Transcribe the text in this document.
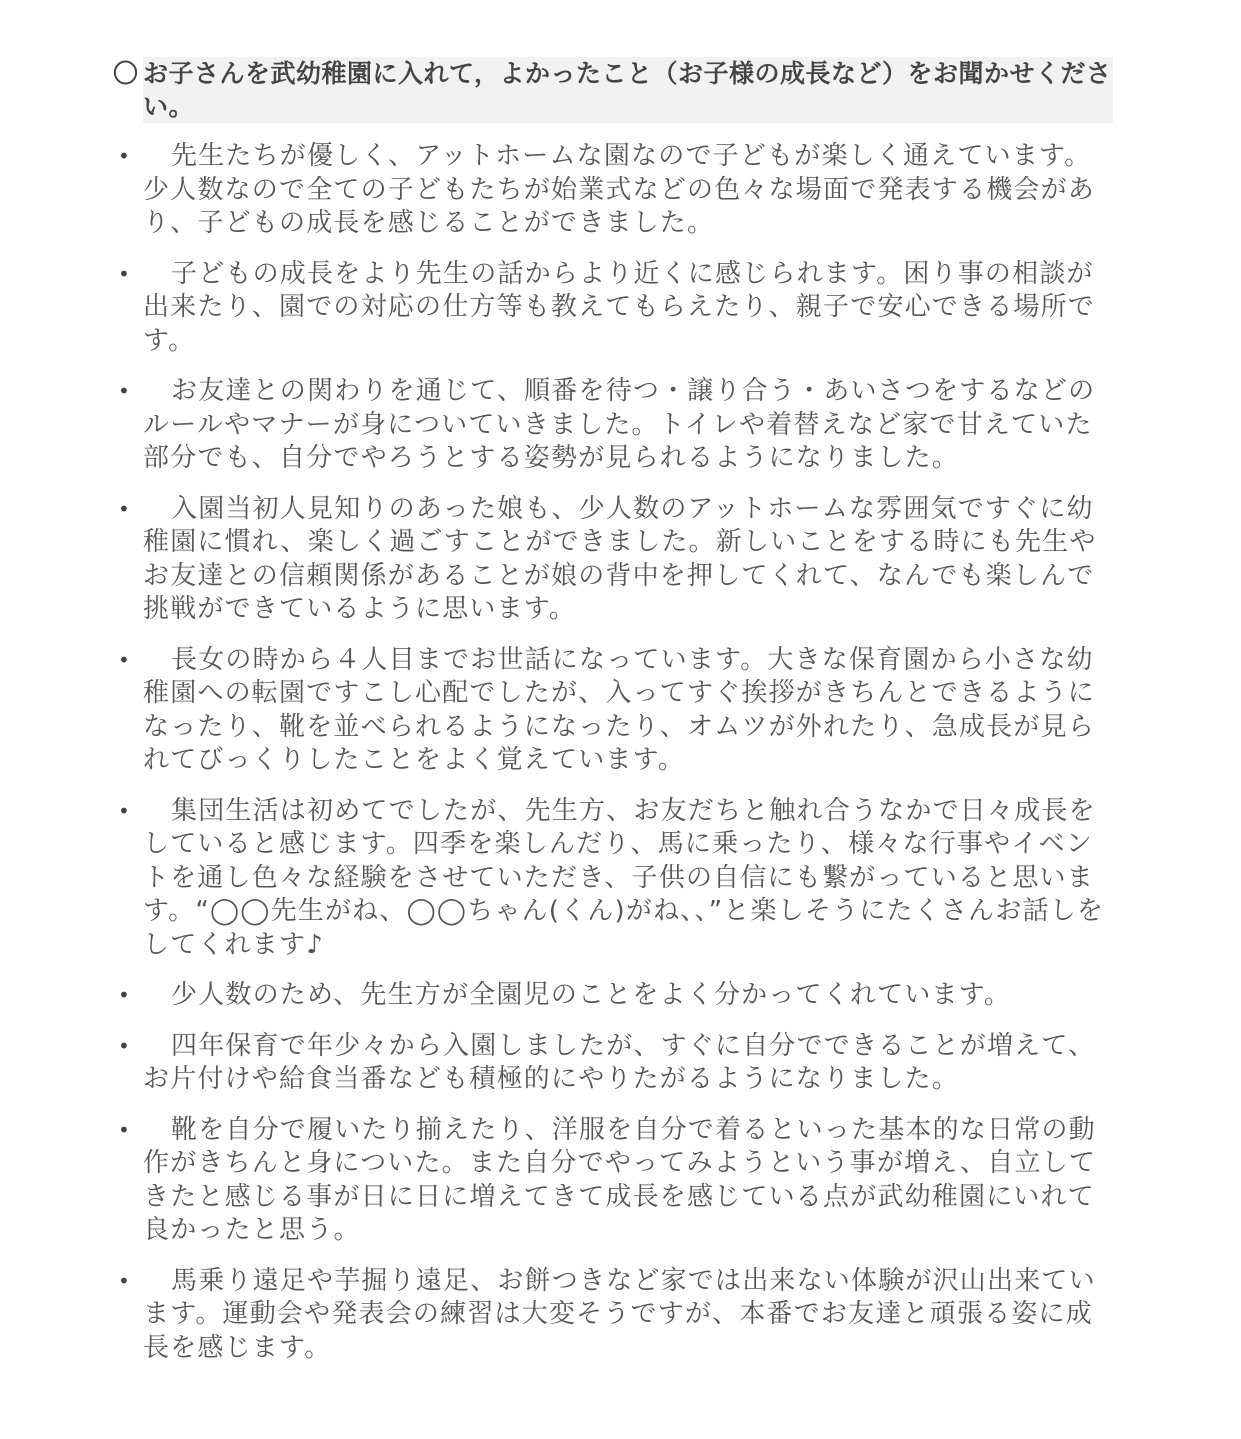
〇 お子さんを武幼稚園に入れて，よかったこと（お子様の成長など）をお聞かせください。
•	先生たちが優しく、アットホームな園なので子どもが楽しく通えています。少人数なので全ての子どもたちが始業式などの色々な場面で発表する機会があり、子どもの成長を感じることができました。
•	子どもの成長をより先生の話からより近くに感じられます。困り事の相談が出来たり、園での対応の仕方等も教えてもらえたり、親子で安心できる場所です。
•	お友達との関わりを通じて、順番を待つ・譲り合う・あいさつをするなどのルールやマナーが身についていきました。トイレや着替えなど家で甘えていた部分でも、自分でやろうとする姿勢が見られるようになりました。
•	入園当初人見知りのあった娘も、少人数のアットホームな雰囲気ですぐに幼稚園に慣れ、楽しく過ごすことができました。新しいことをする時にも先生やお友達との信頼関係があることが娘の背中を押してくれて、なんでも楽しんで挑戦ができているように思います。
•	長女の時から４人目までお世話になっています。大きな保育園から小さな幼稚園への転園ですこし心配でしたが、入ってすぐ挨拶がきちんとできるようになったり、靴を並べられるようになったり、オムツが外れたり、急成長が見られてびっくりしたことをよく覚えています。
•	集団生活は初めてでしたが、先生方、お友だちと触れ合うなかで日々成長をしていると感じます。四季を楽しんだり、馬に乗ったり、様々な行事やイベントを通し色々な経験をさせていただき、子供の自信にも繋がっていると思います。“◯◯先生がね、◯◯ちゃん(くん)がね、、”と楽しそうにたくさんお話しをしてくれます♪
•	少人数のため、先生方が全園児のことをよく分かってくれています。
•	四年保育で年少々から入園しましたが、すぐに自分でできることが増えて、お片付けや給食当番なども積極的にやりたがるようになりました。
•	靴を自分で履いたり揃えたり、洋服を自分で着るといった基本的な日常の動作がきちんと身についた。また自分でやってみようという事が増え、自立してきたと感じる事が日に日に増えてきて成長を感じている点が武幼稚園にいれて良かったと思う。
•	馬乗り遠足や芋掘り遠足、お餅つきなど家では出来ない体験が沢山出来ています。運動会や発表会の練習は大変そうですが、本番でお友達と頑張る姿に成長を感じます。
